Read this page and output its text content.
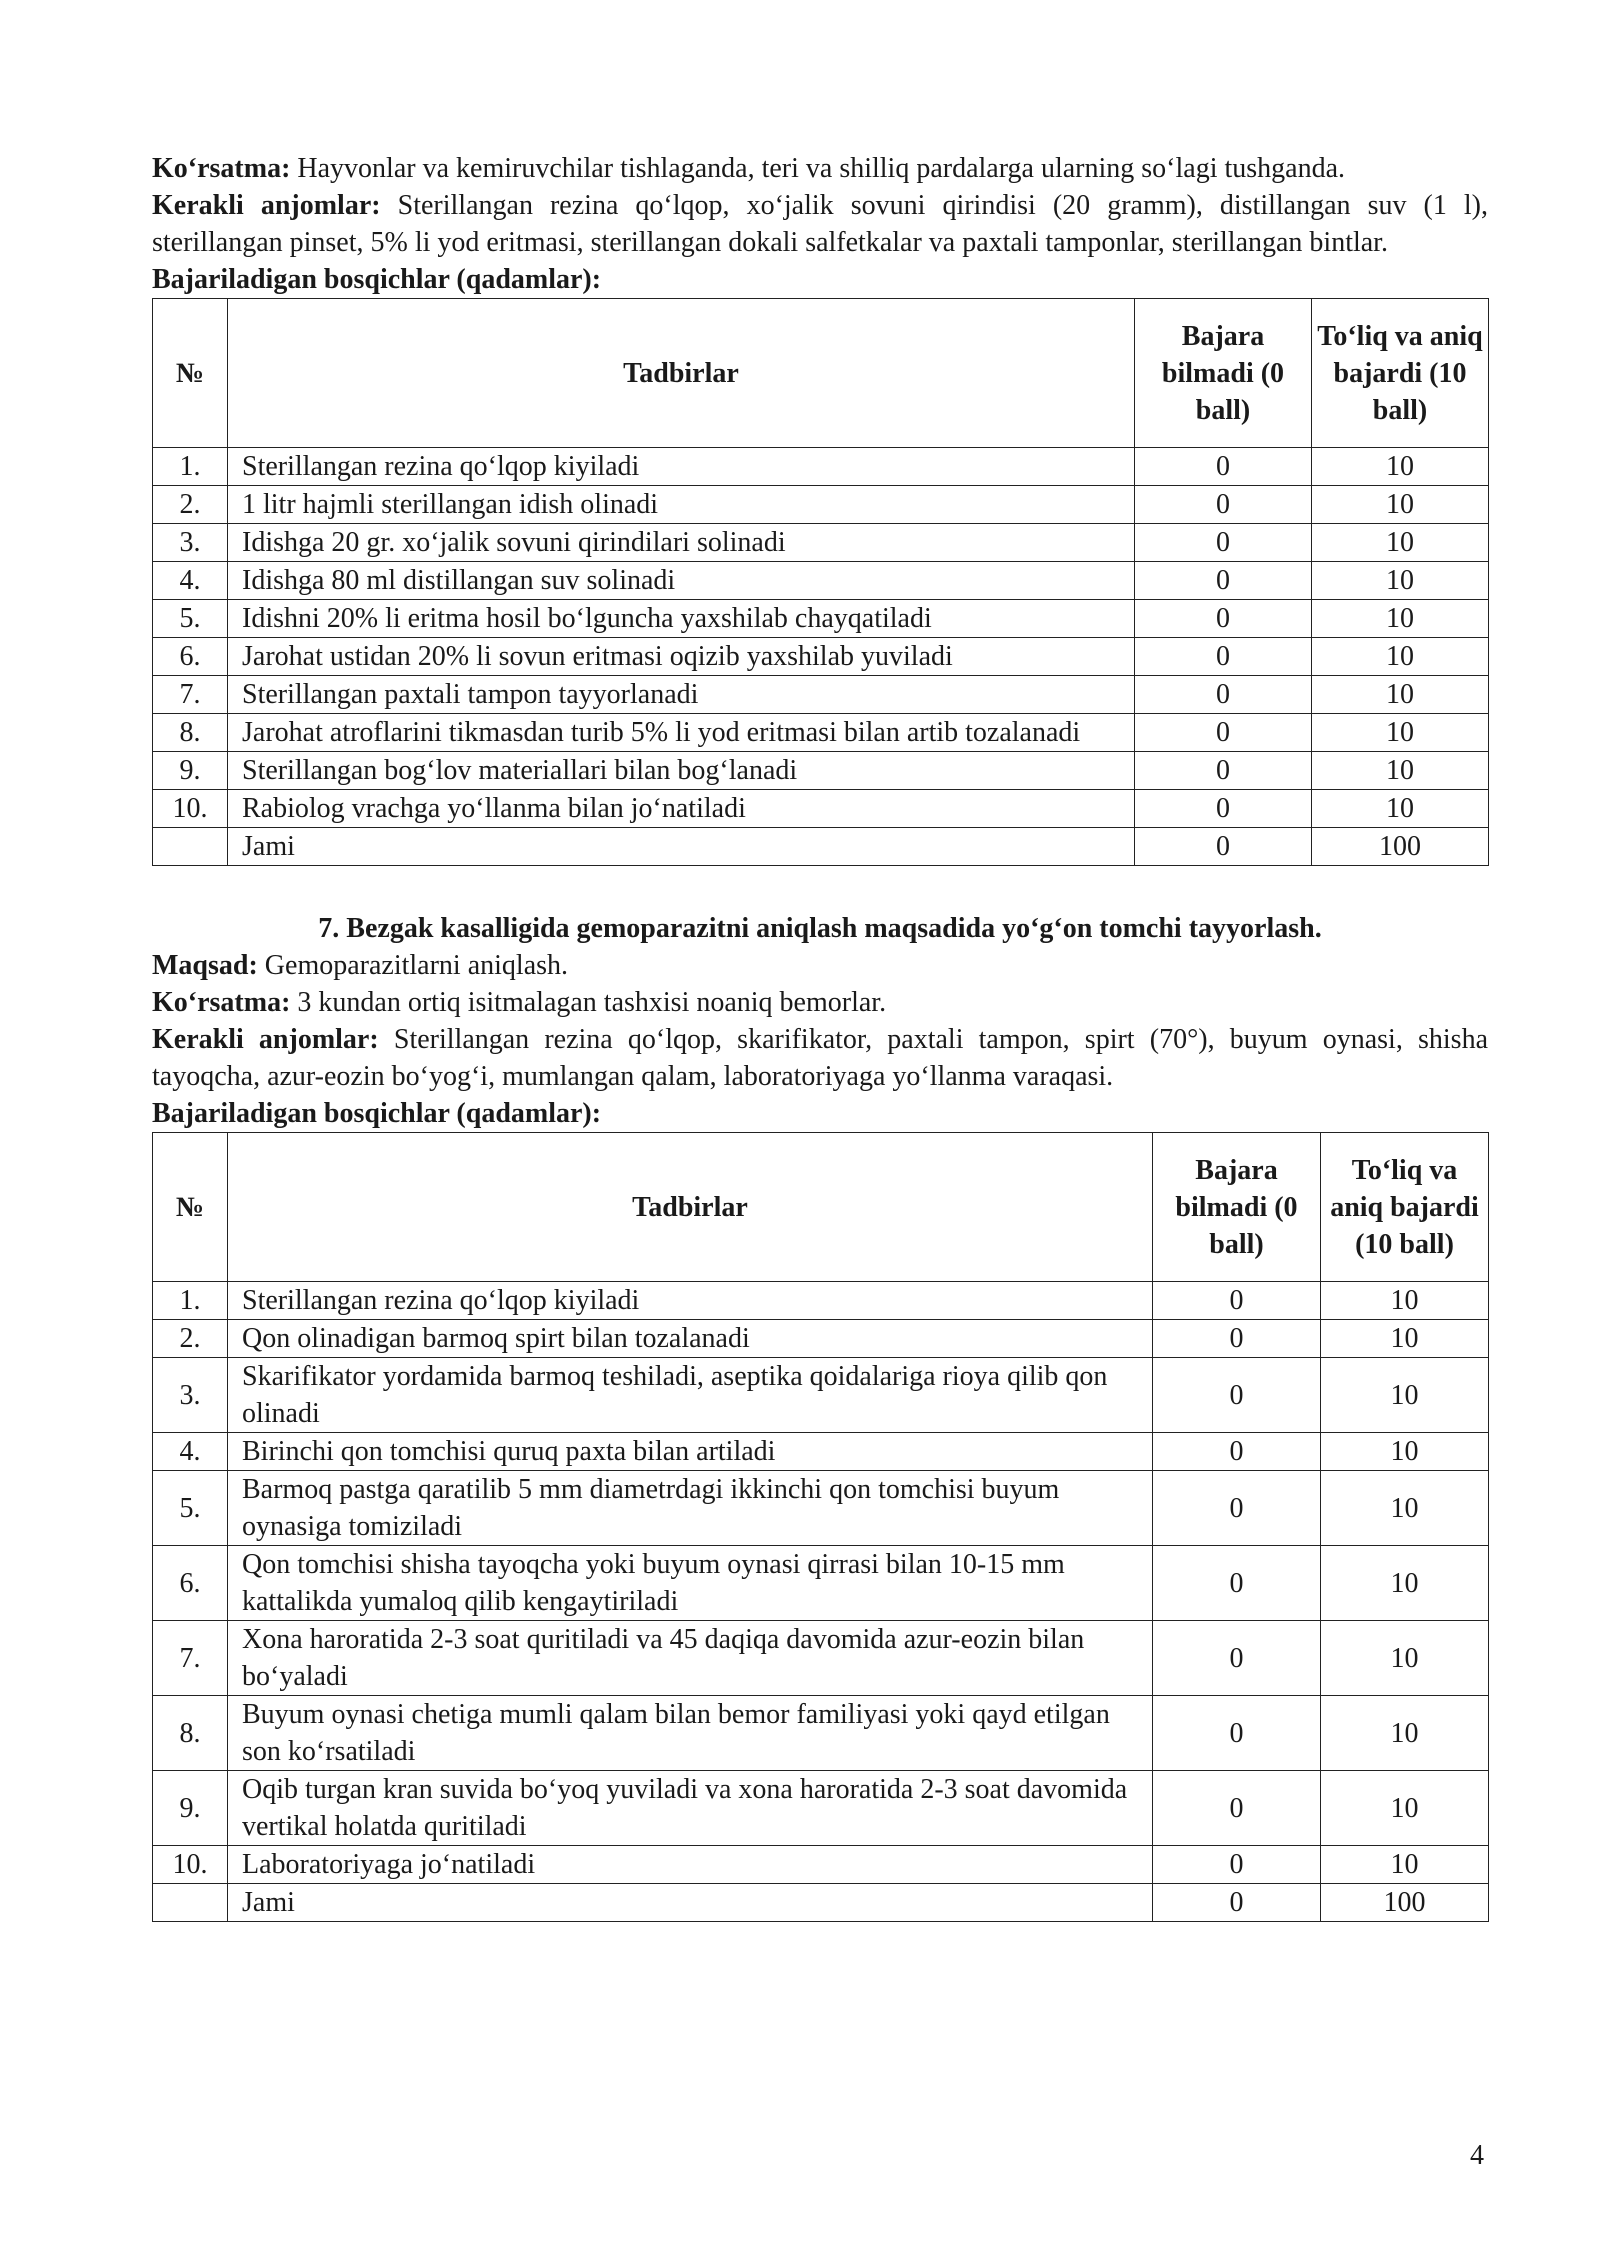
Ko‘rsatma: Hayvonlar va kemiruvchilar tishlaganda, teri va shilliq pardalarga ularning so‘lagi tushganda.

Kerakli anjomlar: Sterillangan rezina qo‘lqop, xo‘jalik sovuni qirindisi (20 gramm), distillangan suv (1 l), sterillangan pinset, 5% li yod eritmasi, sterillangan dokali salfetkalar va paxtali tamponlar, sterillangan bintlar.

Bajariladigan bosqichlar (qadamlar):

№	Tadbirlar	Bajara bilmadi (0 ball)	To‘liq va aniq bajardi (10 ball)
1.	Sterillangan rezina qo‘lqop kiyiladi	0	10
2.	1 litr hajmli sterillangan idish olinadi	0	10
3.	Idishga 20 gr. xo‘jalik sovuni qirindilari solinadi	0	10
4.	Idishga 80 ml distillangan suv solinadi	0	10
5.	Idishni 20% li eritma hosil bo‘lguncha yaxshilab chayqatiladi	0	10
6.	Jarohat ustidan 20% li sovun eritmasi oqizib yaxshilab yuviladi	0	10
7.	Sterillangan paxtali tampon tayyorlanadi	0	10
8.	Jarohat atroflarini tikmasdan turib 5% li yod eritmasi bilan artib tozalanadi	0	10
9.	Sterillangan bog‘lov materiallari bilan bog‘lanadi	0	10
10.	Rabiolog vrachga yo‘llanma bilan jo‘natiladi	0	10
	Jami	0	100

7. Bezgak kasalligida gemoparazitni aniqlash maqsadida yo‘g‘on tomchi tayyorlash.

Maqsad: Gemoparazitlarni aniqlash.

Ko‘rsatma: 3 kundan ortiq isitmalagan tashxisi noaniq bemorlar.

Kerakli anjomlar: Sterillangan rezina qo‘lqop, skarifikator, paxtali tampon, spirt (70°), buyum oynasi, shisha tayoqcha, azur-eozin bo‘yog‘i, mumlangan qalam, laboratoriyaga yo‘llanma varaqasi.

Bajariladigan bosqichlar (qadamlar):

№	Tadbirlar	Bajara bilmadi (0 ball)	To‘liq va aniq bajardi (10 ball)
1.	Sterillangan rezina qo‘lqop kiyiladi	0	10
2.	Qon olinadigan barmoq spirt bilan tozalanadi	0	10
3.	Skarifikator yordamida barmoq teshiladi, aseptika qoidalariga rioya qilib qon olinadi	0	10
4.	Birinchi qon tomchisi quruq paxta bilan artiladi	0	10
5.	Barmoq pastga qaratilib 5 mm diametrdagi ikkinchi qon tomchisi buyum oynasiga tomiziladi	0	10
6.	Qon tomchisi shisha tayoqcha yoki buyum oynasi qirrasi bilan 10-15 mm kattalikda yumaloq qilib kengaytiriladi	0	10
7.	Xona haroratida 2-3 soat quritiladi va 45 daqiqa davomida azur-eozin bilan bo‘yaladi	0	10
8.	Buyum oynasi chetiga mumli qalam bilan bemor familiyasi yoki qayd etilgan son ko‘rsatiladi	0	10
9.	Oqib turgan kran suvida bo‘yoq yuviladi va xona haroratida 2-3 soat davomida vertikal holatda quritiladi	0	10
10.	Laboratoriyaga jo‘natiladi	0	10
	Jami	0	100
4
